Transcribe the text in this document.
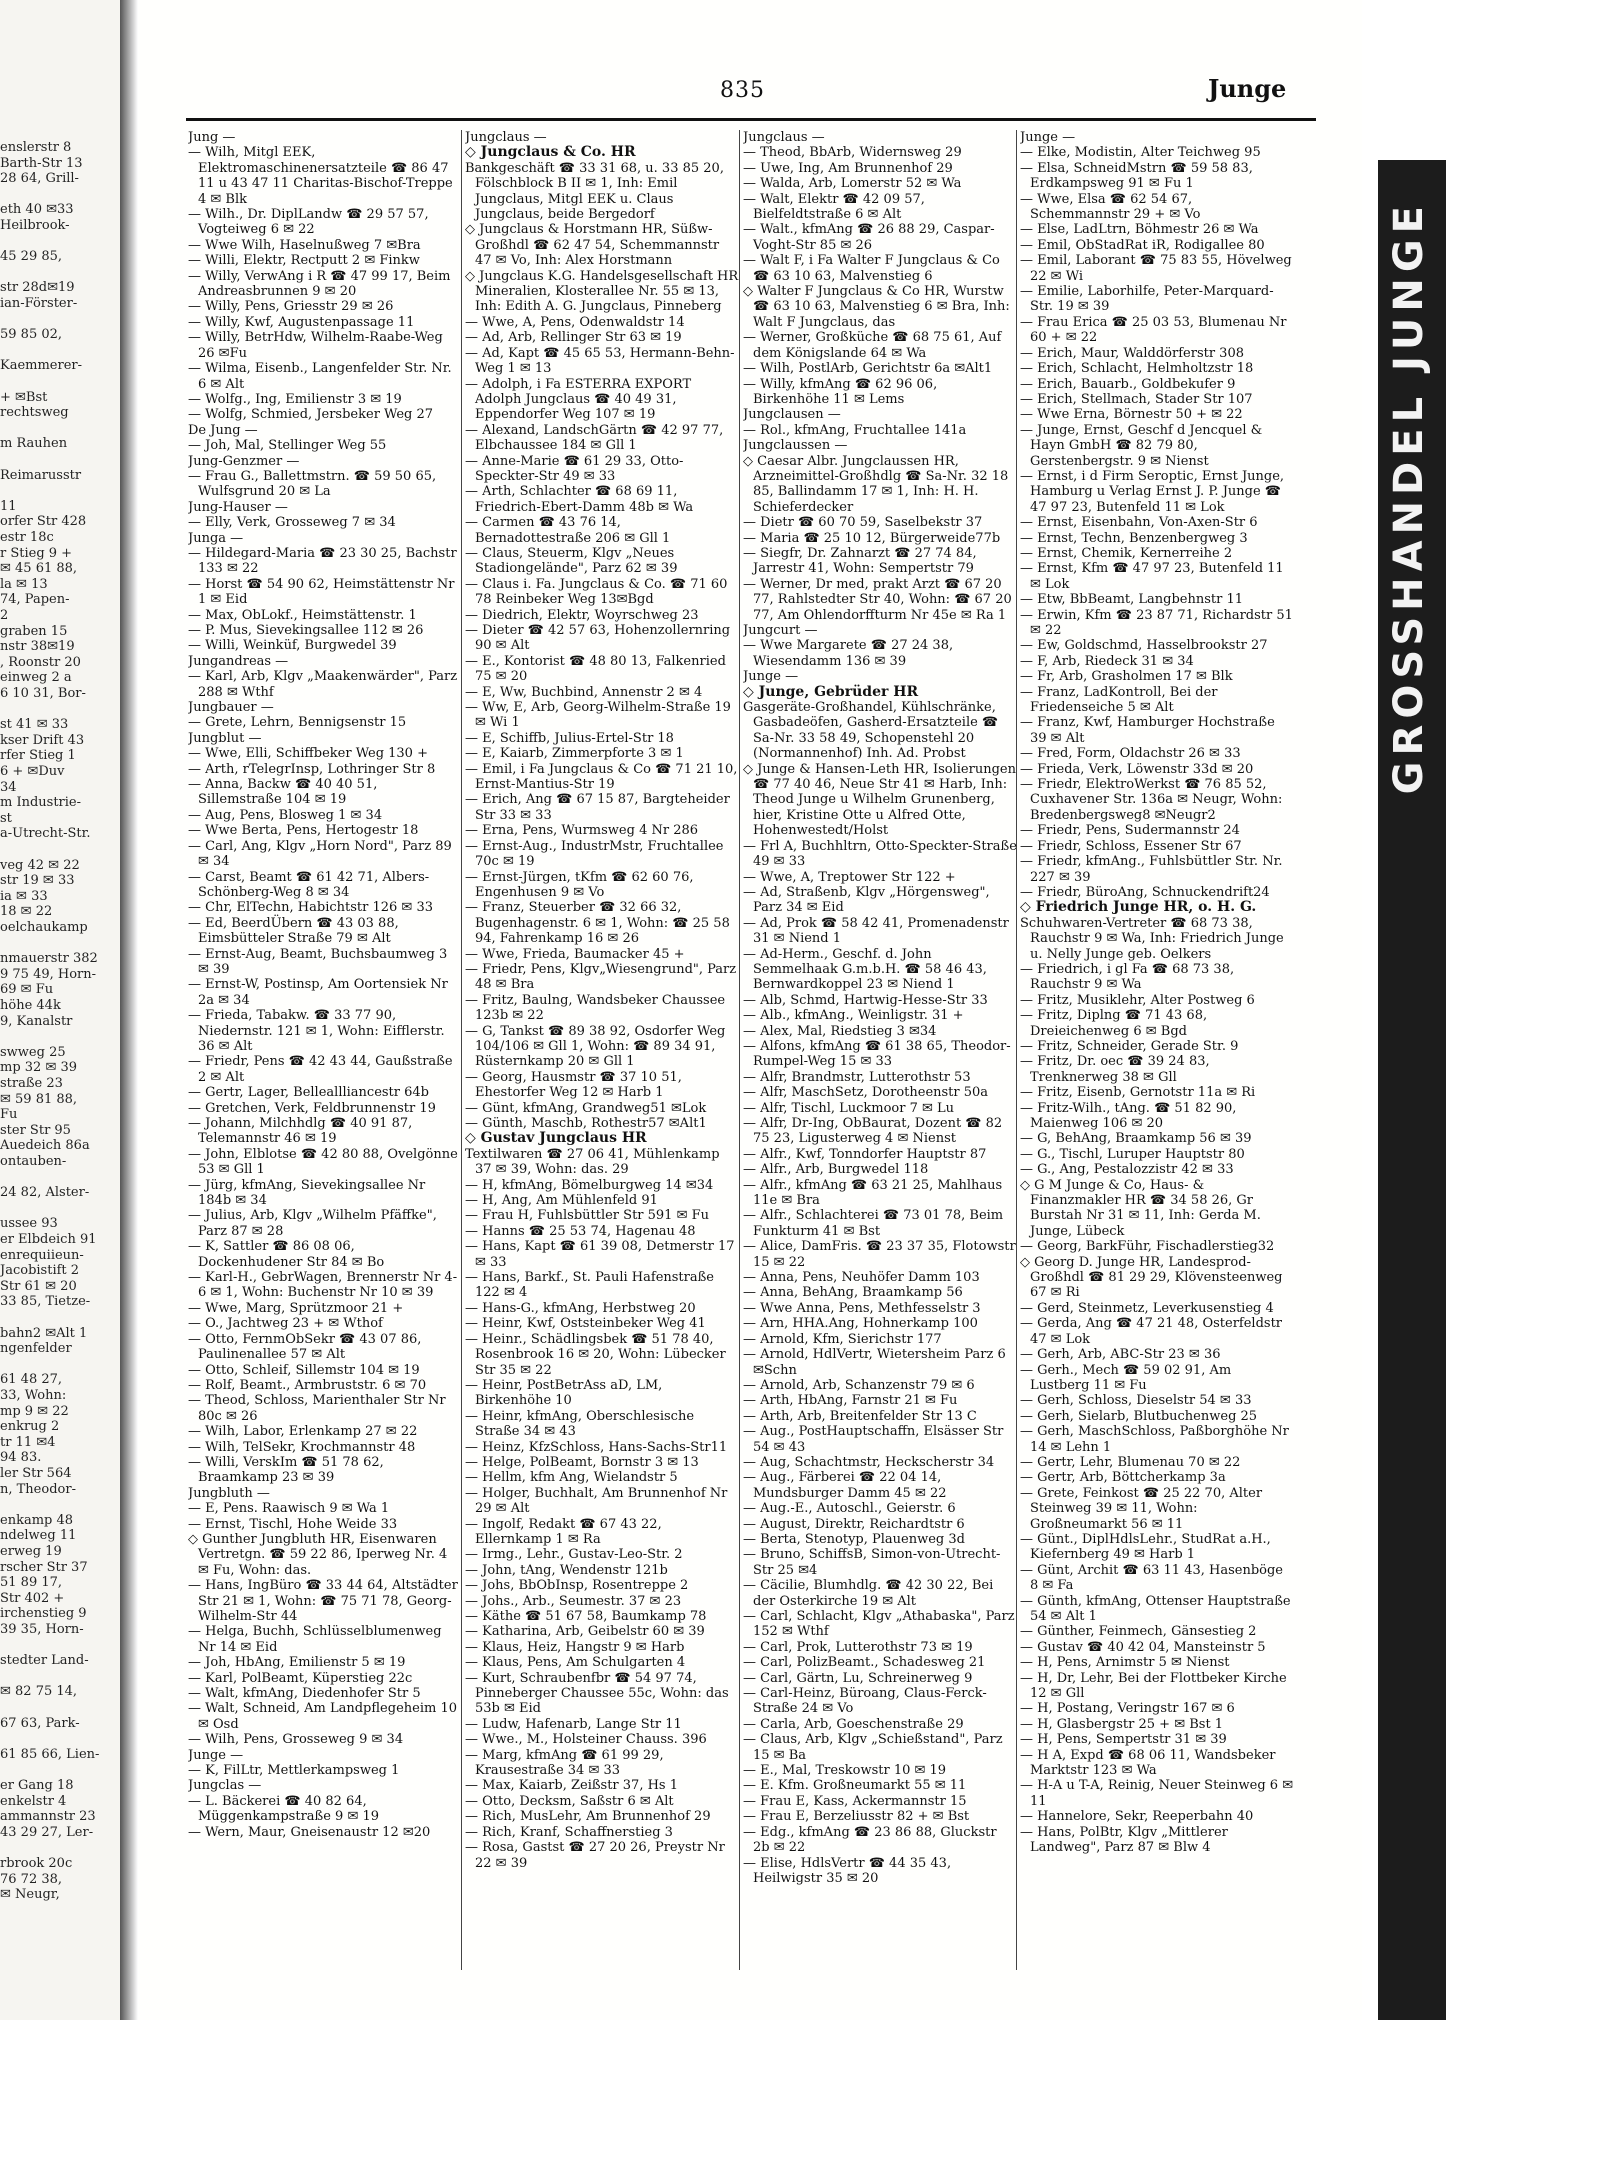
enslerstr 8
Barth-Str 13
28 64, Grill-
eth 40 ✉33
Heilbrook-
45 29 85,
str 28d✉19
ian-Förster-
59 85 02,
Kaemmerer-
+ ✉Bst
rechtsweg
m Rauhen
Reimarusstr
11
orfer Str 428
estr 18c
r Stieg 9 +
✉ 45 61 88,
la ✉ 13
74, Papen-
2
graben 15
nstr 38✉19
, Roonstr 20
einweg 2 a
6 10 31, Bor-
st 41 ✉ 33
kser Drift 43
rfer Stieg 1
6 + ✉Duv
34
m Industrie-
st
a-Utrecht-Str.
veg 42 ✉ 22
str 19 ✉ 33
ia ✉ 33
18 ✉ 22
oelchaukamp
nmauerstr 382
9 75 49, Horn-
69 ✉ Fu
höhe 44k
9, Kanalstr
swweg 25
mp 32 ✉ 39
straße 23
✉ 59 81 88,
Fu
ster Str 95
Auedeich 86a
ontauben-
24 82, Alster-
ussee 93
er Elbdeich 91
enrequiieun-
Jacobistift 2
Str 61 ✉ 20
33 85, Tietze-
bahn2 ✉Alt 1
ngenfelder
61 48 27,
33, Wohn:
mp 9 ✉ 22
enkrug 2
tr 11 ✉4
94 83.
ler Str 564
n, Theodor-
enkamp 48
ndelweg 11
erweg 19
rscher Str 37
51 89 17,
Str 402 +
irchenstieg 9
39 35, Horn-
stedter Land-
✉ 82 75 14,
67 63, Park-
61 85 66, Lien-
er Gang 18
enkelstr 4
ammannstr 23
43 29 27, Ler-
rbrook 20c
76 72 38,
✉ Neugr,
835	Junge

Jung —

— Wilh, Mitgl EEK, Elektromaschinenersatzteile ☎ 86 47 11 u 43 47 11 Charitas-Bischof-Treppe 4 ✉ Blk

— Wilh., Dr. DiplLandw ☎ 29 57 57, Vogteiweg 6 ✉ 22

— Wwe Wilh, Haselnußweg 7 ✉Bra

— Willi, Elektr, Rectputt 2 ✉ Finkw

— Willy, VerwAng i R ☎ 47 99 17, Beim Andreasbrunnen 9 ✉ 20

— Willy, Pens, Griesstr 29 ✉ 26

— Willy, Kwf, Augustenpassage 11

— Willy, BetrHdw, Wilhelm-Raabe-Weg 26 ✉Fu

— Wilma, Eisenb., Langenfelder Str. Nr. 6 ✉ Alt

— Wolfg., Ing, Emilienstr 3 ✉ 19

— Wolfg, Schmied, Jersbeker Weg 27

De Jung —

— Joh, Mal, Stellinger Weg 55

Jung-Genzmer —

— Frau G., Ballettmstrn. ☎ 59 50 65, Wulfsgrund 20 ✉ La

Jung-Hauser —

— Elly, Verk, Grosseweg 7 ✉ 34

Junga —

— Hildegard-Maria ☎ 23 30 25, Bachstr 133 ✉ 22

— Horst ☎ 54 90 62, Heimstättenstr Nr 1 ✉ Eid

— Max, ObLokf., Heimstättenstr. 1

— P. Mus, Sievekingsallee 112 ✉ 26

— Willi, Weinküf, Burgwedel 39

Jungandreas —

— Karl, Arb, Klgv „Maakenwärder", Parz 288 ✉ Wthf

Jungbauer —

— Grete, Lehrn, Bennigsenstr 15

Jungblut —

— Wwe, Elli, Schiffbeker Weg 130 +

— Arth, rTelegrInsp, Lothringer Str 8

— Anna, Backw ☎ 40 40 51, Sillemstraße 104 ✉ 19

— Aug, Pens, Blosweg 1 ✉ 34

— Wwe Berta, Pens, Hertogestr 18

— Carl, Ang, Klgv „Horn Nord", Parz 89 ✉ 34

— Carst, Beamt ☎ 61 42 71, Albers-Schönberg-Weg 8 ✉ 34

— Chr, ElTechn, Habichtstr 126 ✉ 33

— Ed, BeerdÜbern ☎ 43 03 88, Eimsbütteler Straße 79 ✉ Alt

— Ernst-Aug, Beamt, Buchsbaumweg 3 ✉ 39

— Ernst-W, Postinsp, Am Oortensiek Nr 2a ✉ 34

— Frieda, Tabakw. ☎ 33 77 90, Niedernstr. 121 ✉ 1, Wohn: Eifflerstr. 36 ✉ Alt

— Friedr, Pens ☎ 42 43 44, Gaußstraße 2 ✉ Alt

— Gertr, Lager, Belleallliancestr 64b

— Gretchen, Verk, Feldbrunnenstr 19

— Johann, Milchhdlg ☎ 40 91 87, Telemannstr 46 ✉ 19

— John, Elblotse ☎ 42 80 88, Ovelgönne 53 ✉ Gll 1

— Jürg, kfmAng, Sievekingsallee Nr 184b ✉ 34

— Julius, Arb, Klgv „Wilhelm Pfäffke", Parz 87 ✉ 28

— K, Sattler ☎ 86 08 06, Dockenhudener Str 84 ✉ Bo

— Karl-H., GebrWagen, Brennerstr Nr 4-6 ✉ 1, Wohn: Buchenstr Nr 10 ✉ 39

— Wwe, Marg, Sprützmoor 21 +

— O., Jachtweg 23 + ✉ Wthof

— Otto, FernmObSekr ☎ 43 07 86, Paulinenallee 57 ✉ Alt

— Otto, Schleif, Sillemstr 104 ✉ 19

— Rolf, Beamt., Armbruststr. 6 ✉ 70

— Theod, Schloss, Marienthaler Str Nr 80c ✉ 26

— Wilh, Labor, Erlenkamp 27 ✉ 22

— Wilh, TelSekr, Krochmannstr 48

— Willi, VerskIm ☎ 51 78 62, Braamkamp 23 ✉ 39

Jungbluth —

— E, Pens. Raawisch 9 ✉ Wa 1

— Ernst, Tischl, Hohe Weide 33

◇ Gunther Jungbluth HR, Eisenwaren Vertretgn. ☎ 59 22 86, Iperweg Nr. 4 ✉ Fu, Wohn: das.

— Hans, IngBüro ☎ 33 44 64, Altstädter Str 21 ✉ 1, Wohn: ☎ 75 71 78, Georg-Wilhelm-Str 44

— Helga, Buchh, Schlüsselblumenweg Nr 14 ✉ Eid

— Joh, HbAng, Emilienstr 5 ✉ 19

— Karl, PolBeamt, Küperstieg 22c

— Walt, kfmAng, Diedenhofer Str 5

— Walt, Schneid, Am Landpflegeheim 10 ✉ Osd

— Wilh, Pens, Grosseweg 9 ✉ 34

Junge —

— K, FilLtr, Mettlerkampsweg 1

Jungclas —

— L. Bäckerei ☎ 40 82 64, Müggenkampstraße 9 ✉ 19

— Wern, Maur, Gneisenaustr 12 ✉20

Jungclaus —

◇ Jungclaus & Co. HR

Bankgeschäft ☎ 33 31 68, u. 33 85 20, Fölschblock B II ✉ 1, Inh: Emil Jungclaus, Mitgl EEK u. Claus Jungclaus, beide Bergedorf

◇ Jungclaus & Horstmann HR, Süßw-Großhdl ☎ 62 47 54, Schemmannstr 47 ✉ Vo, Inh: Alex Horstmann

◇ Jungclaus K.G. Handelsgesellschaft HR Mineralien, Klosterallee Nr. 55 ✉ 13, Inh: Edith A. G. Jungclaus, Pinneberg

— Wwe, A, Pens, Odenwaldstr 14

— Ad, Arb, Rellinger Str 63 ✉ 19

— Ad, Kapt ☎ 45 65 53, Hermann-Behn-Weg 1 ✉ 13

— Adolph, i Fa ESTERRA EXPORT Adolph Jungclaus ☎ 40 49 31, Eppendorfer Weg 107 ✉ 19

— Alexand, LandschGärtn ☎ 42 97 77, Elbchaussee 184 ✉ Gll 1

— Anne-Marie ☎ 61 29 33, Otto-Speckter-Str 49 ✉ 33

— Arth, Schlachter ☎ 68 69 11, Friedrich-Ebert-Damm 48b ✉ Wa

— Carmen ☎ 43 76 14, Bernadottestraße 206 ✉ Gll 1

— Claus, Steuerm, Klgv „Neues Stadiongelände", Parz 62 ✉ 39

— Claus i. Fa. Jungclaus & Co. ☎ 71 60 78 Reinbeker Weg 13✉Bgd

— Diedrich, Elektr, Woyrschweg 23

— Dieter ☎ 42 57 63, Hohenzollernring 90 ✉ Alt

— E., Kontorist ☎ 48 80 13, Falkenried 75 ✉ 20

— E, Ww, Buchbind, Annenstr 2 ✉ 4

— Ww, E, Arb, Georg-Wilhelm-Straße 19 ✉ Wi 1

— E, Schiffb, Julius-Ertel-Str 18

— E, Kaiarb, Zimmerpforte 3 ✉ 1

— Emil, i Fa Jungclaus & Co ☎ 71 21 10, Ernst-Mantius-Str 19

— Erich, Ang ☎ 67 15 87, Bargteheider Str 33 ✉ 33

— Erna, Pens, Wurmsweg 4 Nr 286

— Ernst-Aug., IndustrMstr, Fruchtallee 70c ✉ 19

— Ernst-Jürgen, tKfm ☎ 62 60 76, Engenhusen 9 ✉ Vo

— Franz, Steuerber ☎ 32 66 32, Bugenhagenstr. 6 ✉ 1, Wohn: ☎ 25 58 94, Fahrenkamp 16 ✉ 26

— Wwe, Frieda, Baumacker 45 +

— Friedr, Pens, Klgv„Wiesengrund", Parz 48 ✉ Bra

— Fritz, Baulng, Wandsbeker Chaussee 123b ✉ 22

— G, Tankst ☎ 89 38 92, Osdorfer Weg 104/106 ✉ Gll 1, Wohn: ☎ 89 34 91, Rüsternkamp 20 ✉ Gll 1

— Georg, Hausmstr ☎ 37 10 51, Ehestorfer Weg 12 ✉ Harb 1

— Günt, kfmAng, Grandweg51 ✉Lok

— Günth, Maschb, Rothestr57 ✉Alt1

◇ Gustav Jungclaus HR

Textilwaren ☎ 27 06 41, Mühlenkamp 37 ✉ 39, Wohn: das. 29

— H, kfmAng, Bömelburgweg 14 ✉34

— H, Ang, Am Mühlenfeld 91

— Frau H, Fuhlsbüttler Str 591 ✉ Fu

— Hanns ☎ 25 53 74, Hagenau 48

— Hans, Kapt ☎ 61 39 08, Detmerstr 17 ✉ 33

— Hans, Barkf., St. Pauli Hafenstraße 122 ✉ 4

— Hans-G., kfmAng, Herbstweg 20

— Heinr, Kwf, Oststeinbeker Weg 41

— Heinr., Schädlingsbek ☎ 51 78 40, Rosenbrook 16 ✉ 20, Wohn: Lübecker Str 35 ✉ 22

— Heinr, PostBetrAss aD, LM, Birkenhöhe 10

— Heinr, kfmAng, Oberschlesische Straße 34 ✉ 43

— Heinz, KfzSchloss, Hans-Sachs-Str11

— Helge, PolBeamt, Bornstr 3 ✉ 13

— Hellm, kfm Ang, Wielandstr 5

— Holger, Buchhalt, Am Brunnenhof Nr 29 ✉ Alt

— Ingolf, Redakt ☎ 67 43 22, Ellernkamp 1 ✉ Ra

— Irmg., Lehr., Gustav-Leo-Str. 2

— John, tAng, Wendenstr 121b

— Johs, BbObInsp, Rosentreppe 2

— Johs., Arb., Seumestr. 37 ✉ 23

— Käthe ☎ 51 67 58, Baumkamp 78

— Katharina, Arb, Geibelstr 60 ✉ 39

— Klaus, Heiz, Hangstr 9 ✉ Harb

— Klaus, Pens, Am Schulgarten 4

— Kurt, Schraubenfbr ☎ 54 97 74, Pinneberger Chaussee 55c, Wohn: das 53b ✉ Eid

— Ludw, Hafenarb, Lange Str 11

— Wwe., M., Holsteiner Chauss. 396

— Marg, kfmAng ☎ 61 99 29, Krausestraße 34 ✉ 33

— Max, Kaiarb, Zeißstr 37, Hs 1

— Otto, Decksm, Saßstr 6 ✉ Alt

— Rich, MusLehr, Am Brunnenhof 29

— Rich, Kranf, Schaffnerstieg 3

— Rosa, Gastst ☎ 27 20 26, Preystr Nr 22 ✉ 39

Jungclaus —

— Theod, BbArb, Widernsweg 29

— Uwe, Ing, Am Brunnenhof 29

— Walda, Arb, Lomerstr 52 ✉ Wa

— Walt, Elektr ☎ 42 09 57, Bielfeldtstraße 6 ✉ Alt

— Walt., kfmAng ☎ 26 88 29, Caspar-Voght-Str 85 ✉ 26

— Walt F, i Fa Walter F Jungclaus & Co ☎ 63 10 63, Malvenstieg 6

◇ Walter F Jungclaus & Co HR, Wurstw ☎ 63 10 63, Malvenstieg 6 ✉ Bra, Inh: Walt F Jungclaus, das

— Werner, Großküche ☎ 68 75 61, Auf dem Königslande 64 ✉ Wa

— Wilh, PostlArb, Gerichtstr 6a ✉Alt1

— Willy, kfmAng ☎ 62 96 06, Birkenhöhe 11 ✉ Lems

Jungclausen —

— Rol., kfmAng, Fruchtallee 141a

Jungclaussen —

◇ Caesar Albr. Jungclaussen HR, Arzneimittel-Großhdlg ☎ Sa-Nr. 32 18 85, Ballindamm 17 ✉ 1, Inh: H. H. Schieferdecker

— Dietr ☎ 60 70 59, Saselbekstr 37

— Maria ☎ 25 10 12, Bürgerweide77b

— Siegfr, Dr. Zahnarzt ☎ 27 74 84, Jarrestr 41, Wohn: Sempertstr 79

— Werner, Dr med, prakt Arzt ☎ 67 20 77, Rahlstedter Str 40, Wohn: ☎ 67 20 77, Am Ohlendorffturm Nr 45e ✉ Ra 1

Jungcurt —

— Wwe Margarete ☎ 27 24 38, Wiesendamm 136 ✉ 39

Junge —

◇ Junge, Gebrüder HR

Gasgeräte-Großhandel, Kühlschränke, Gasbadeöfen, Gasherd-Ersatzteile ☎ Sa-Nr. 33 58 49, Schopenstehl 20 (Normannenhof) Inh. Ad. Probst

◇ Junge & Hansen-Leth HR, Isolierungen ☎ 77 40 46, Neue Str 41 ✉ Harb, Inh: Theod Junge u Wilhelm Grunenberg, hier, Kristine Otte u Alfred Otte, Hohenwestedt/Holst

— Frl A, Buchhltrn, Otto-Speckter-Straße 49 ✉ 33

— Wwe, A, Treptower Str 122 +

— Ad, Straßenb, Klgv „Hörgensweg", Parz 34 ✉ Eid

— Ad, Prok ☎ 58 42 41, Promenadenstr 31 ✉ Niend 1

— Ad-Herm., Geschf. d. John Semmelhaak G.m.b.H. ☎ 58 46 43, Bernwardkoppel 23 ✉ Niend 1

— Alb, Schmd, Hartwig-Hesse-Str 33

— Alb., kfmAng., Weinligstr. 31 +

— Alex, Mal, Riedstieg 3 ✉34

— Alfons, kfmAng ☎ 61 38 65, Theodor-Rumpel-Weg 15 ✉ 33

— Alfr, Brandmstr, Lutterothstr 53

— Alfr, MaschSetz, Dorotheenstr 50a

— Alfr, Tischl, Luckmoor 7 ✉ Lu

— Alfr, Dr-Ing, ObBaurat, Dozent ☎ 82 75 23, Ligusterweg 4 ✉ Nienst

— Alfr., Kwf, Tonndorfer Hauptstr 87

— Alfr., Arb, Burgwedel 118

— Alfr., kfmAng ☎ 63 21 25, Mahlhaus 11e ✉ Bra

— Alfr., Schlachterei ☎ 73 01 78, Beim Funkturm 41 ✉ Bst

— Alice, DamFris. ☎ 23 37 35, Flotowstr 15 ✉ 22

— Anna, Pens, Neuhöfer Damm 103

— Anna, BehAng, Braamkamp 56

— Wwe Anna, Pens, Methfesselstr 3

— Arn, HHA.Ang, Hohnerkamp 100

— Arnold, Kfm, Sierichstr 177

— Arnold, HdlVertr, Wietersheim Parz 6 ✉Schn

— Arnold, Arb, Schanzenstr 79 ✉ 6

— Arth, HbAng, Farnstr 21 ✉ Fu

— Arth, Arb, Breitenfelder Str 13 C

— Aug., PostHauptschaffn, Elsässer Str 54 ✉ 43

— Aug, Schachtmstr, Heckscherstr 34

— Aug., Färberei ☎ 22 04 14, Mundsburger Damm 45 ✉ 22

— Aug.-E., Autoschl., Geierstr. 6

— August, Direktr, Reichardtstr 6

— Berta, Stenotyp, Plauenweg 3d

— Bruno, SchiffsB, Simon-von-Utrecht-Str 25 ✉4

— Cäcilie, Blumhdlg. ☎ 42 30 22, Bei der Osterkirche 19 ✉ Alt

— Carl, Schlacht, Klgv „Athabaska", Parz 152 ✉ Wthf

— Carl, Prok, Lutterothstr 73 ✉ 19

— Carl, PolizBeamt., Schadesweg 21

— Carl, Gärtn, Lu, Schreinerweg 9

— Carl-Heinz, Büroang, Claus-Ferck-Straße 24 ✉ Vo

— Carla, Arb, Goeschenstraße 29

— Claus, Arb, Klgv „Schießstand", Parz 15 ✉ Ba

— E., Mal, Treskowstr 10 ✉ 19

— E. Kfm. Großneumarkt 55 ✉ 11

— Frau E, Kass, Ackermannstr 15

— Frau E, Berzeliusstr 82 + ✉ Bst

— Edg., kfmAng ☎ 23 86 88, Gluckstr 2b ✉ 22

— Elise, HdlsVertr ☎ 44 35 43, Heilwigstr 35 ✉ 20

Junge —

— Elke, Modistin, Alter Teichweg 95

— Elsa, SchneidMstrn ☎ 59 58 83, Erdkampsweg 91 ✉ Fu 1

— Wwe, Elsa ☎ 62 54 67, Schemmannstr 29 + ✉ Vo

— Else, LadLtrn, Böhmestr 26 ✉ Wa

— Emil, ObStadRat iR, Rodigallee 80

— Emil, Laborant ☎ 75 83 55, Hövelweg 22 ✉ Wi

— Emilie, Laborhilfe, Peter-Marquard-Str. 19 ✉ 39

— Frau Erica ☎ 25 03 53, Blumenau Nr 60 + ✉ 22

— Erich, Maur, Walddörferstr 308

— Erich, Schlacht, Helmholtzstr 18

— Erich, Bauarb., Goldbekufer 9

— Erich, Stellmach, Stader Str 107

— Wwe Erna, Börnestr 50 + ✉ 22

— Junge, Ernst, Geschf d Jencquel & Hayn GmbH ☎ 82 79 80, Gerstenbergstr. 9 ✉ Nienst

— Ernst, i d Firm Seroptic, Ernst Junge, Hamburg u Verlag Ernst J. P. Junge ☎ 47 97 23, Butenfeld 11 ✉ Lok

— Ernst, Eisenbahn, Von-Axen-Str 6

— Ernst, Techn, Benzenbergweg 3

— Ernst, Chemik, Kernerreihe 2

— Ernst, Kfm ☎ 47 97 23, Butenfeld 11 ✉ Lok

— Etw, BbBeamt, Langbehnstr 11

— Erwin, Kfm ☎ 23 87 71, Richardstr 51 ✉ 22

— Ew, Goldschmd, Hasselbrookstr 27

— F, Arb, Riedeck 31 ✉ 34

— Fr, Arb, Grasholmen 17 ✉ Blk

— Franz, LadKontroll, Bei der Friedenseiche 5 ✉ Alt

— Franz, Kwf, Hamburger Hochstraße 39 ✉ Alt

— Fred, Form, Oldachstr 26 ✉ 33

— Frieda, Verk, Löwenstr 33d ✉ 20

— Friedr, ElektroWerkst ☎ 76 85 52, Cuxhavener Str. 136a ✉ Neugr, Wohn: Bredenbergsweg8 ✉Neugr2

— Friedr, Pens, Sudermannstr 24

— Friedr, Schloss, Essener Str 67

— Friedr, kfmAng., Fuhlsbüttler Str. Nr. 227 ✉ 39

— Friedr, BüroAng, Schnuckendrift24

◇ Friedrich Junge HR, o. H. G.

Schuhwaren-Vertreter ☎ 68 73 38, Rauchstr 9 ✉ Wa, Inh: Friedrich Junge u. Nelly Junge geb. Oelkers

— Friedrich, i gl Fa ☎ 68 73 38, Rauchstr 9 ✉ Wa

— Fritz, Musiklehr, Alter Postweg 6

— Fritz, Diplng ☎ 71 43 68, Dreieichenweg 6 ✉ Bgd

— Fritz, Schneider, Gerade Str. 9

— Fritz, Dr. oec ☎ 39 24 83, Trenknerweg 38 ✉ Gll

— Fritz, Eisenb, Gernotstr 11a ✉ Ri

— Fritz-Wilh., tAng. ☎ 51 82 90, Maienweg 106 ✉ 20

— G, BehAng, Braamkamp 56 ✉ 39

— G., Tischl, Luruper Hauptstr 80

— G., Ang, Pestalozzistr 42 ✉ 33

◇ G M Junge & Co, Haus- & Finanzmakler HR ☎ 34 58 26, Gr Burstah Nr 31 ✉ 11, Inh: Gerda M. Junge, Lübeck

— Georg, BarkFühr, Fischadlerstieg32

◇ Georg D. Junge HR, Landesprod-Großhdl ☎ 81 29 29, Klövensteenweg 67 ✉ Ri

— Gerd, Steinmetz, Leverkusenstieg 4

— Gerda, Ang ☎ 47 21 48, Osterfeldstr 47 ✉ Lok

— Gerh, Arb, ABC-Str 23 ✉ 36

— Gerh., Mech ☎ 59 02 91, Am Lustberg 11 ✉ Fu

— Gerh, Schloss, Dieselstr 54 ✉ 33

— Gerh, Sielarb, Blutbuchenweg 25

— Gerh, MaschSchloss, Paßborghöhe Nr 14 ✉ Lehn 1

— Gertr, Lehr, Blumenau 70 ✉ 22

— Gertr, Arb, Böttcherkamp 3a

— Grete, Feinkost ☎ 25 22 70, Alter Steinweg 39 ✉ 11, Wohn: Großneumarkt 56 ✉ 11

— Günt., DiplHdlsLehr., StudRat a.H., Kiefernberg 49 ✉ Harb 1

— Günt, Archit ☎ 63 11 43, Hasenböge 8 ✉ Fa

— Günth, kfmAng, Ottenser Hauptstraße 54 ✉ Alt 1

— Günther, Feinmech, Gänsestieg 2

— Gustav ☎ 40 42 04, Mansteinstr 5

— H, Pens, Arnimstr 5 ✉ Nienst

— H, Dr, Lehr, Bei der Flottbeker Kirche 12 ✉ Gll

— H, Postang, Veringstr 167 ✉ 6

— H, Glasbergstr 25 + ✉ Bst 1

— H, Pens, Sempertstr 31 ✉ 39

— H A, Expd ☎ 68 06 11, Wandsbeker Marktstr 123 ✉ Wa

— H-A u T-A, Reinig, Neuer Steinweg 6 ✉ 11

— Hannelore, Sekr, Reeperbahn 40

— Hans, PolBtr, Klgv „Mittlerer Landweg", Parz 87 ✉ Blw 4

GROSSHANDEL JUNGE
